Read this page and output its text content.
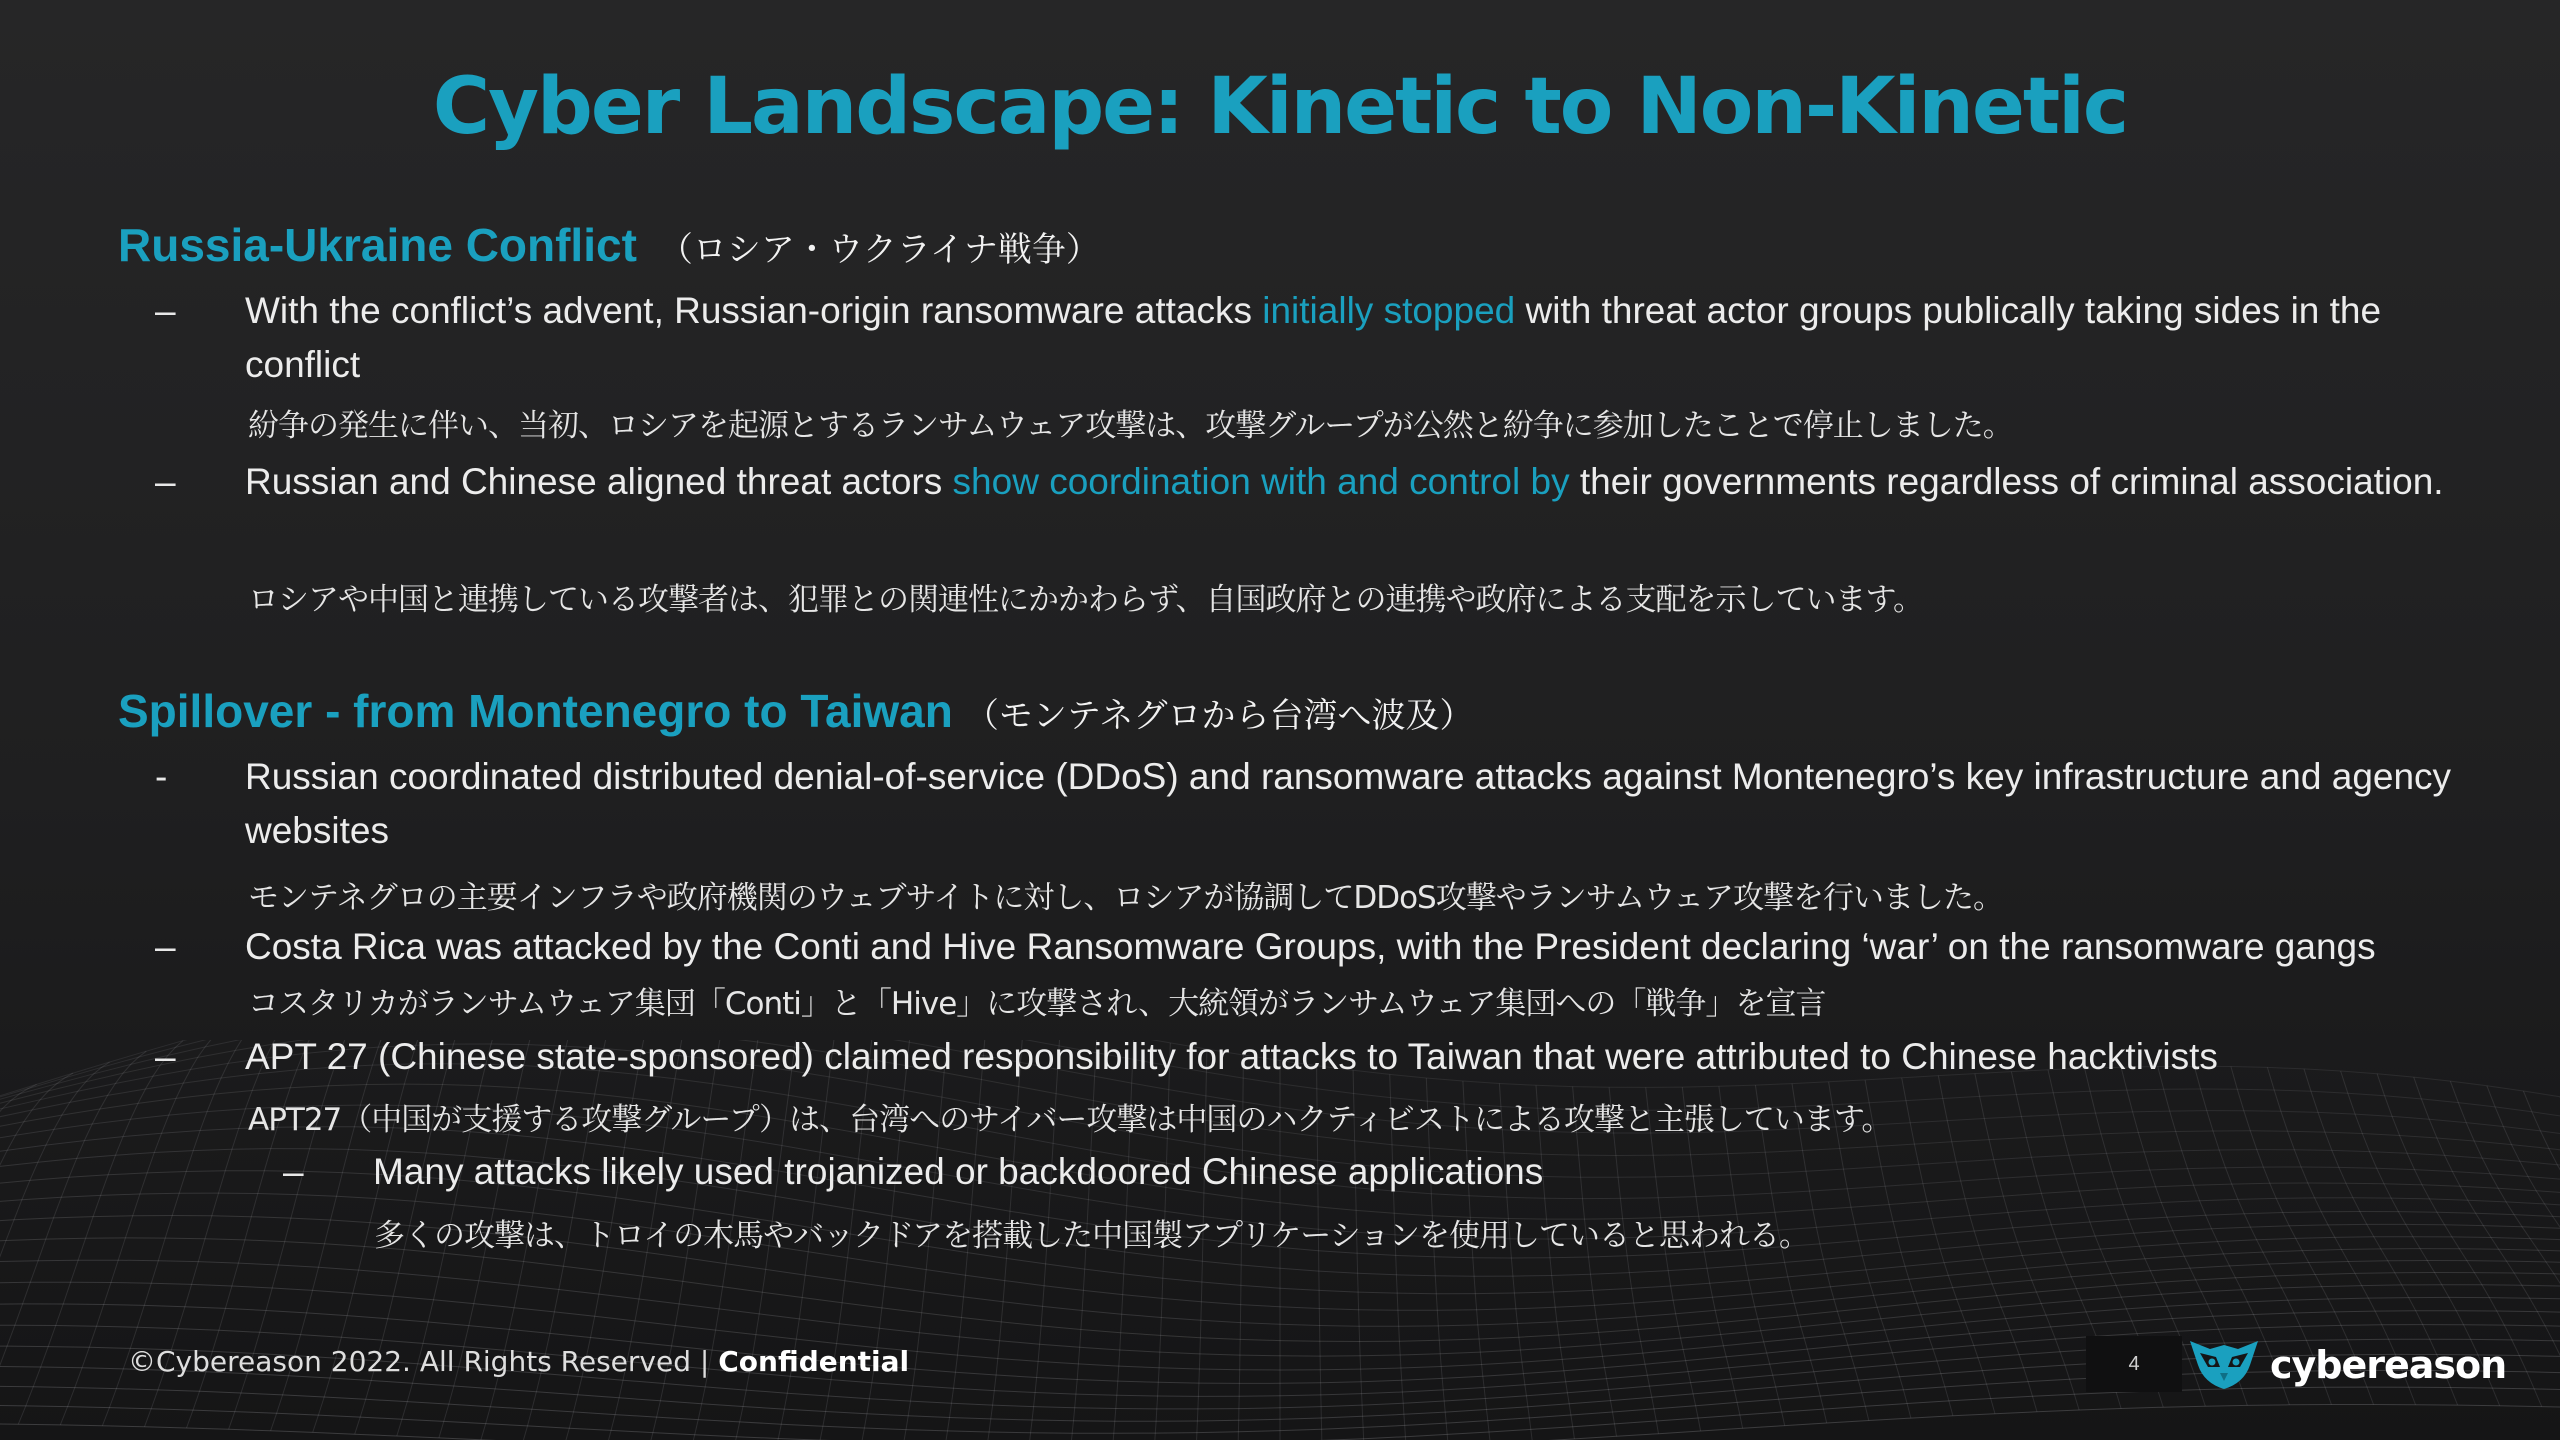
Cyber Landscape: Kinetic to Non-Kinetic
Russia-Ukraine Conflict （ロシア・ウクライナ戦争）
– With the conflict’s advent, Russian-origin ransomware attacks initially stopped with threat actor groups publically taking sides in the conflict
紛争の発生に伴い、当初、ロシアを起源とするランサムウェア攻撃は、攻撃グループが公然と紛争に参加したことで停止しました。
– Russian and Chinese aligned threat actors show coordination with and control by their governments regardless of criminal association.
ロシアや中国と連携している攻撃者は、犯罪との関連性にかかわらず、自国政府との連携や政府による支配を示しています。
Spillover - from Montenegro to Taiwan （モンテネグロから台湾へ波及）
- Russian coordinated distributed denial-of-service (DDoS) and ransomware attacks against Montenegro’s key infrastructure and agency websites
モンテネグロの主要インフラや政府機関のウェブサイトに対し、ロシアが協調してDDoS攻撃やランサムウェア攻撃を行いました。
– Costa Rica was attacked by the Conti and Hive Ransomware Groups, with the President declaring ‘war’ on the ransomware gangs
コスタリカがランサムウェア集団「Conti」と「Hive」に攻撃され、大統領がランサムウェア集団への「戦争」を宣言
– APT 27 (Chinese state-sponsored) claimed responsibility for attacks to Taiwan that were attributed to Chinese hacktivists
APT27（中国が支援する攻撃グループ）は、台湾へのサイバー攻撃は中国のハクティビストによる攻撃と主張しています。
– Many attacks likely used trojanized or backdoored Chinese applications
多くの攻撃は、トロイの木馬やバックドアを搭載した中国製アプリケーションを使用していると思われる。
©Cybereason 2022. All Rights Reserved | Confidential	4	cybereason
